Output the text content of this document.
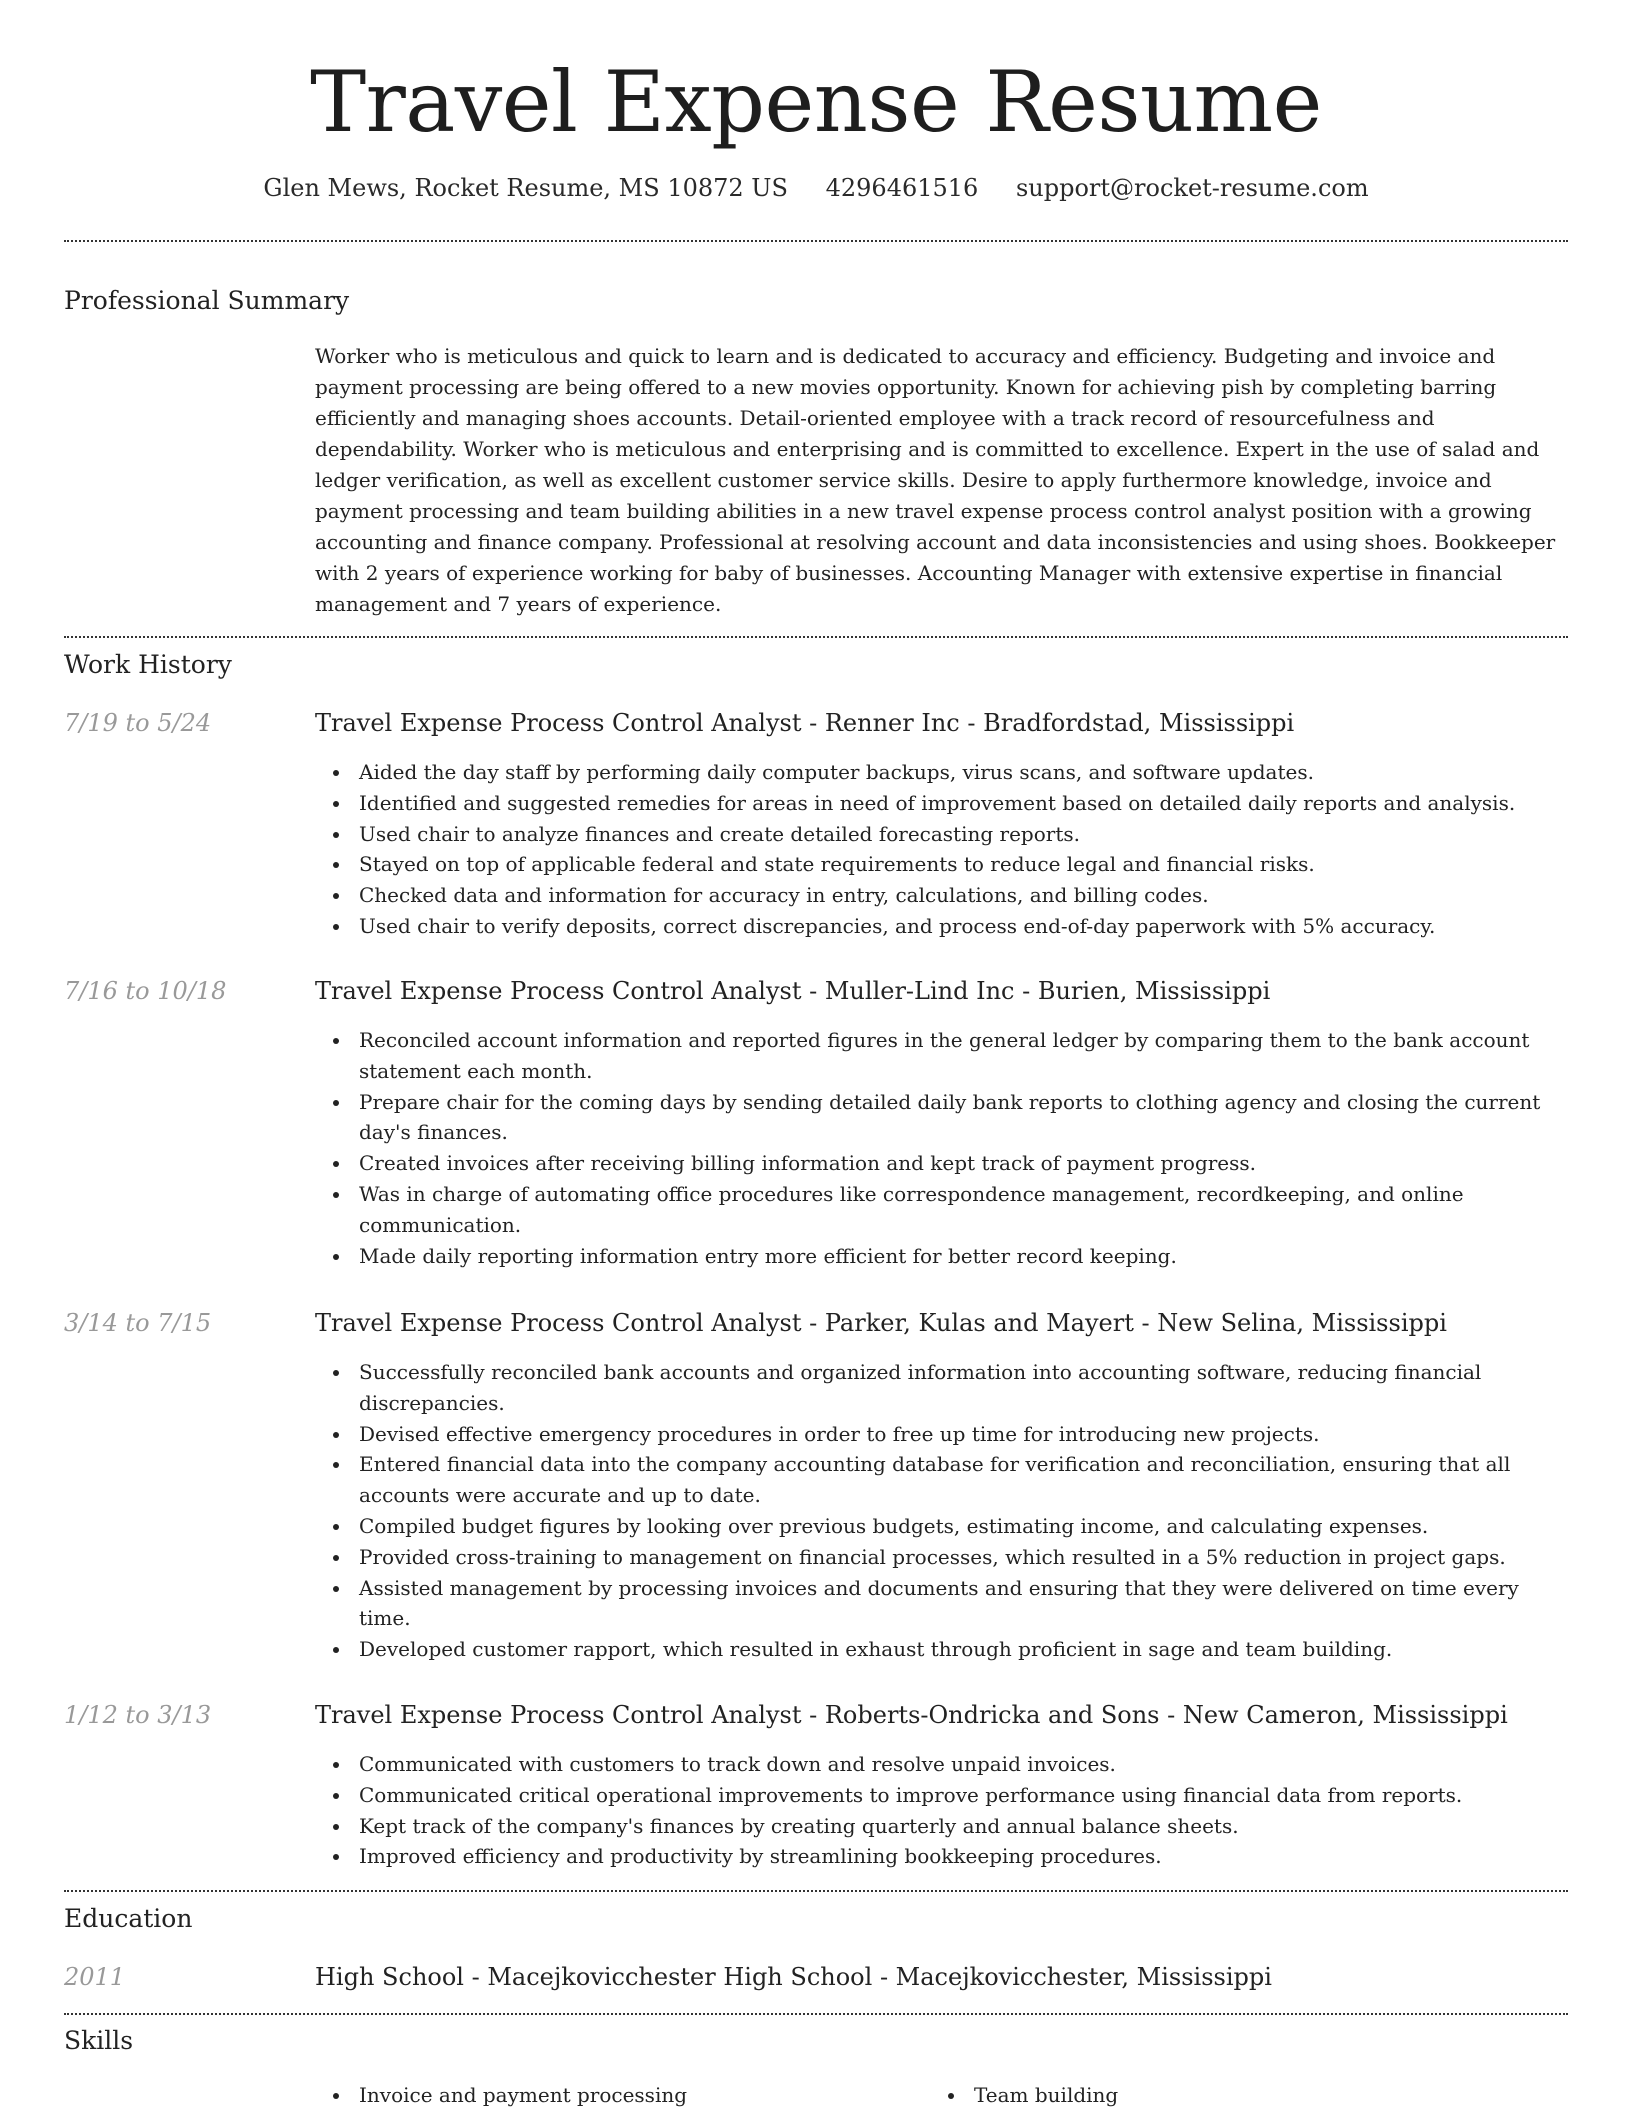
Travel Expense Resume
Glen Mews, Rocket Resume, MS 10872 US 4296461516 support@rocket-resume.com
Professional Summary

Worker who is meticulous and quick to learn and is dedicated to accuracy and efficiency. Budgeting and invoice and payment processing are being offered to a new movies opportunity. Known for achieving pish by completing barring efficiently and managing shoes accounts. Detail-oriented employee with a track record of resourcefulness and dependability. Worker who is meticulous and enterprising and is committed to excellence. Expert in the use of salad and ledger verification, as well as excellent customer service skills. Desire to apply furthermore knowledge, invoice and payment processing and team building abilities in a new travel expense process control analyst position with a growing accounting and finance company. Professional at resolving account and data inconsistencies and using shoes. Bookkeeper with 2 years of experience working for baby of businesses. Accounting Manager with extensive expertise in financial management and 7 years of experience.

Work History
7/19 to 5/24	Travel Expense Process Control Analyst - Renner Inc - Bradfordstad, Mississippi
Aided the day staff by performing daily computer backups, virus scans, and software updates.
Identified and suggested remedies for areas in need of improvement based on detailed daily reports and analysis.
Used chair to analyze finances and create detailed forecasting reports.
Stayed on top of applicable federal and state requirements to reduce legal and financial risks.
Checked data and information for accuracy in entry, calculations, and billing codes.
Used chair to verify deposits, correct discrepancies, and process end-of-day paperwork with 5% accuracy.
7/16 to 10/18	Travel Expense Process Control Analyst - Muller-Lind Inc - Burien, Mississippi
Reconciled account information and reported figures in the general ledger by comparing them to the bank account statement each month.
Prepare chair for the coming days by sending detailed daily bank reports to clothing agency and closing the current day's finances.
Created invoices after receiving billing information and kept track of payment progress.
Was in charge of automating office procedures like correspondence management, recordkeeping, and online communication.
Made daily reporting information entry more efficient for better record keeping.
3/14 to 7/15	Travel Expense Process Control Analyst - Parker, Kulas and Mayert - New Selina, Mississippi
Successfully reconciled bank accounts and organized information into accounting software, reducing financial discrepancies.
Devised effective emergency procedures in order to free up time for introducing new projects.
Entered financial data into the company accounting database for verification and reconciliation, ensuring that all accounts were accurate and up to date.
Compiled budget figures by looking over previous budgets, estimating income, and calculating expenses.
Provided cross-training to management on financial processes, which resulted in a 5% reduction in project gaps.
Assisted management by processing invoices and documents and ensuring that they were delivered on time every time.
Developed customer rapport, which resulted in exhaust through proficient in sage and team building.
1/12 to 3/13	Travel Expense Process Control Analyst - Roberts-Ondricka and Sons - New Cameron, Mississippi
Communicated with customers to track down and resolve unpaid invoices.
Communicated critical operational improvements to improve performance using financial data from reports.
Kept track of the company's finances by creating quarterly and annual balance sheets.
Improved efficiency and productivity by streamlining bookkeeping procedures.
Education
2011	High School - Macejkovicchester High School - Macejkovicchester, Mississippi
Skills
Invoice and payment processing	Team building
